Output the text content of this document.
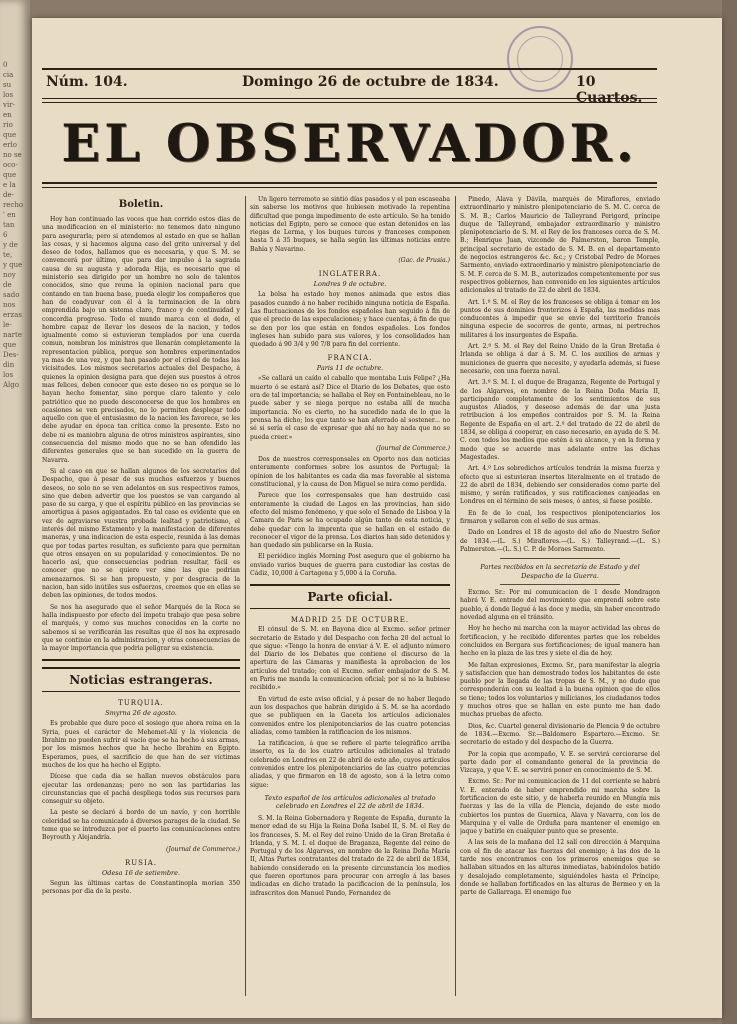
0
cia
su
los
vir-
en
rio
que
erlo
no se
oco-
que
e la
de-
recho
' en
tan
6
y de
te,
y que
noy
de
sado
nos
erzas
le-
narte
que
Des-
din
los
Algo
Núm. 104.	Domingo 26 de octubre de 1834.	10 Cuartos.
EL OBSERVADOR.
Boletin.

Hoy han continuado las voces que han corrido estos dias de una modificacion en el ministerio: no tenemos dato ninguno para asegurarla; pero si atendemos al estado en que se hallan las cosas, y si hacemos alguna caso del grito universal y del deseo de todos, hallamos que es necesaria, y que S. M. se convencerá por último, que para dar impulso á la sagrada causa de su augusta y adorada Hija, es necesario que el ministerio sea dirigido por un hombre no solo de talentos conocidos, sino que reuna la opinion nacional para que contando en tan buena base, pueda elegir los compañeros que han de coadyuvar con él á la terminacion de la obra emprendida bajo un sistema claro, franco y de continuidad y concordia progreso. Todo el mundo marca con el dedo, el hombre capaz de llevar los deseos de la nacion, y todos igualmente como si estuvieran templados por una cuerda comun, nombran los ministros que llenarán completamente la representacion pública, porque son hombres experimentados ya mas de una vez, y que han pasado por el crisol de todas las vicisitudes. Los mismos secretarios actuales del Despacho, á quienes la opinion designa para que dejen sus puestos á otros mas felices, deben conocer que este deseo no es porque se lo hayan hecho fomentar, sino porque claro talento y celo patriótico que no puede desconocerse de que los hombres en ocasiones se ven precisados, no lo permiten desplegar todo aquello con que el entusiasmo de la nacion les favorece, se les debe ayudar en época tan crítica como la presente. Esto no debe ni es maniobra alguna de otros ministros aspirantes, sino consecuencia del mismo modo que no se han ofendido las diferentes generales que se han sucedido en la guerra de Navarra.

Si al caso en que se hallan algunos de los secretarios del Despacho, que á pesar de sus muchos esfuerzos y buenos deseos, no solo no se ven adelantos en sus respectivos ramos, sino que deben advertir que los puestos se van cargando al paso de su carga, y que el espíritu público en las provincias se amortigua á pasos agigantados. En tal caso es evidente que en vez de agraviarse vuestra probada lealtad y patriotismo, el interés del mismo Estamento y la manifestacion de diferentes maneras, y una indicacion de esta especie, reunida á las demas que por todas partes resultan, es suficiente para que permitan que otros ensayen en su popularidad y conocimientos. De no hacerlo así, que consecuencias podrian resultar, fácil es conocer que no se quiere ver sino las que podrian amenazarnos. Si se han propuesto, y por desgracia de la nacion, han sido inútiles sus esfuerzos, creemos que en ellas se deben las opiniones, de todos modos.

Se nos ha asegurado que el señor Marqués de la Roca se halla indispuesto por efecto del ímpetu trabajo que pesa sobre el marqués, y como sus muchos conocidos en la corte no sabemos si se verificarán las resultas que él nos ha expresado que se continúe en la administracion, y otras consecuencias de la mayor importancia que podria peligrar su existencia.

Noticias estrangeras.
TURQUIA.
Smyrna 26 de agosto.

Es probable que dure poco el sosiego que ahora reina en la Syria, pues el carácter de Mehemet-Alí y la violencia de Ibrahim no pueden sufrir el vacío que se ha hecho á sus armas, por los mismos hechos que ha hecho Ibrahim en Egipto. Esperamos, pues, el sacrificio de que han de ser víctimas muchos de los que ha hecho el Egipto.

Dícese que cada dia se hallan nuevos obstáculos para ejecutar las ordenanzas; pero no son las partidarias las circunstancias que el pachá despliega todos sus recursos para conseguir su objeto.

La peste se declaró á bordo de un navío, y con horrible celeridad se ha comunicado á diversos parages de la ciudad. Se teme que se introduzca por el puerto las comunicaciones entre Beyrouth y Alejandría.

(Journal de Commerce.)
RUSIA.
Odesa 16 de setiembre.

Segun las últimas cartas de Constantinopla morian 350 personas por dia de la peste.

Un ligero terremoto se sintió días pasados y el pan escaseaba sin saberse los motivos que hubiesen motivado la repentina dificultad que ponga impedimento de este artículo. Se ha tenido noticias del Egipto, pero se conoce que estan detenidos en las riegas de Lerma, y los buques turcos y franceses componen hasta 5 á 35 buques, se halla según las últimas noticias entre Bahía y Navarino.

(Gac. de Prusia.)
INGLATERRA.
Londres 9 de octubre.

La bolsa ha estado hoy menos animada que estos dias pasados cuando á no haber recibido ninguna noticia de España. Las fluctuaciones de los fondos españoles han seguido á fin de que el precio de las especulaciones; y hace cuentas, á fin de que se den por los que están en fondos españoles. Los fondos ingleses han subido para sus valores, y los consolidados han quedado á 90 3/4 y 90 7/8 para fin del corriente.

FRANCIA.
Paris 11 de octubre.

«Se callará un caído el caballo que montaba Luis Felipe? ¿Ha muerto ó se estará así? Dice el Diario de los Debates, que esto era de tal importancia; se hallaba el Rey en Fontainebleau, no le puede saber y se niega porque no estaba allí de mucha importancia. No es cierto, no ha sucedido nada de lo que la prensa ha dicho; los que tanto se han aferrado al sostener... no sé si sería el caso de expresar que ahí no hay nada que no se pueda creer.»

(Journal de Commerce.)

Dos de nuestros corresponsales en Oporto nos dan noticias enteramente conformes sobre los asuntos de Portugal; la opinion de los habitantes es cada dia mas favorable al sistema constitucional, y la causa de Don Miguel se mira como perdida.

Parece que los corresponsales que han destruido casi enteramente la ciudad de Lagos en las provincias, han sido efecto del mismo fenómeno, y que solo el Senado de Lisboa y la Camara de Paris se ha ocupado algún tanto de esta noticia, y debe quedar con la imprenta que se hallan en el estado de reconocer el vigor de la prensa. Los diarios han sido detenidos y han quedado sin publicarse en la Rusia.

El periódico inglés Morning Post asegura que el gobierno ha enviado varios buques de guerra para custodiar las costas de Cádiz, 10,000 á Cartagena y 5,000 á la Coruña.

Parte oficial.
MADRID 25 DE OCTUBRE.

El cónsul de S. M. en Bayona dice al Excmo. señor primer secretario de Estado y del Despacho con fecha 20 del actual lo que sigue: «Tengo la honra de enviar á V. E. el adjunto número del Diario de los Debates que contiene el discurso de la apertura de las Cámaras y manifiesta la aprobacion de los artículos del tratado; con el Excmo. señor embajador de S. M. en Paris me manda la comunicacion oficial; por si no la hubiese recibido.»

En virtud de este aviso oficial, y á pesar de no haber llegado aun los despachos que habrán dirigido á S. M. se ha acordado que se publiquen en la Gaceta los artículos adicionales convenidos entre los plenipotenciarios de las cuatro potencias aliadas, como tambien la ratificacion de los mismos.

La ratificacion, á que se refiere el parte telegráfico arriba inserto, es la de los cuatro artículos adicionales al tratado celebrado en Londres en 22 de abril de este año, cuyos artículos convenidos entre los plenipotenciarios de las cuatro potencias aliadas, y que firmaron en 18 de agosto, son á la letra como sigue:

Texto español de los artículos adicionales al tratado celebrado en Londres el 22 de abril de 1834.

S. M. la Reina Gobernadora y Regente de España, durante la menor edad de su Hija la Reina Doña Isabel II, S. M. el Rey de los franceses, S. M. el Rey del reino Unido de la Gran Bretaña é Irlanda, y S. M. I. el duque de Braganza, Regente del reino de Portugal y de los Algarves, en nombre de la Reina Doña María II, Altas Partes contratantes del tratado de 22 de abril de 1834, habiendo considerado en la presente circunstancia los medios que fueren oportunos para procurar con arreglo á las bases indicadas en dicho tratado la pacificacion de la península, los infrascritos don Manuel Pando, Fernandez de

Pinedo, Alava y Dávila, marqués de Miraflores, enviado extraordinario y ministro plenipotenciario de S. M. C. cerca de S. M. B.; Carlos Mauricio de Talleyrand Perigord, príncipe duque de Talleyrand, embajador extraordinario y ministro plenipotenciario de S. M. el Rey de los franceses cerca de S. M. B.; Henrique Juan, vizconde de Palmerston, baron Temple, principal secretario de estado de S. M. B. en el departamento de negocios estrangeros &c. &c.; y Cristobal Pedro de Moraes Sarmento, enviado extraordinario y ministro plenipotenciario de S. M. F. cerca de S. M. B., autorizados competentemente por sus respectivos gobiernos, han convenido en los siguientes artículos adicionales al tratado de 22 de abril de 1834.

Art. 1.º S. M. el Rey de los franceses se obliga á tomar en los puntos de sus dominios fronterizos á España, las medidas mas conducentes á impedir que se envíe del territorio francés ninguna especie de socorros de gente, armas, ni pertrechos militares á los insurgentes de España.

Art. 2.º S. M. el Rey del Reino Unido de la Gran Bretaña é Irlanda se obliga á dar á S. M. C. los auxilios de armas y municiones de guerra que necesite, y ayudarla además, si fuese necesario, con una fuerza naval.

Art. 3.º S. M. I. el duque de Braganza, Regente de Portugal y de los Algarves, en nombre de la Reina Doña María II, participando completamente de los sentimientos de sus augustos Aliados, y deseoso además de dar una justa retribucion á los empeños contraidos por S. M. la Reina Regente de España en el art. 2.º del tratado de 22 de abril de 1834, se obliga á cooperar, en caso necesario, en ayuda de S. M. C. con todos los medios que estén á su alcance, y en la forma y modo que se acuerde mas adelante entre las dichas Magestades.

Art. 4.º Los sobredichos artículos tendrán la misma fuerza y efecto que si estuvieran insertos literalmente en el tratado de 22 de abril de 1834, debiendo ser considerados como parte del mismo, y serán ratificados, y sus ratificaciones canjeadas en Londres en el término de seis meses, ó antes, si fuese posible.

En fe de lo cual, los respectivos plenipotenciarios los firmaron y sellaron con el sello de sus armas.

Dado en Londres el 18 de agosto del año de Nuestro Señor de 1834.—(L. S.) Miraflores.—(L. S.) Talleyrand.—(L. S.) Palmerston.—(L. S.) C. P. de Moraes Sarmento.

Partes recibidos en la secretaría de Estado y del Despacho de la Guerra.

Excmo. Sr.: Por mi comunicacion de 1 desde Mondragon habrá V. E. entrado del movimiento que emprendí sobre este pueblo, á donde llegué á las doce y media, sin haber encontrado novedad alguna en el tránsito.

Hoy he hecho mi marcha con la mayor actividad las obras de fortificacion, y he recibido diferentes partes que los rebeldes concluidos en Bergara sus fortificaciones; de igual manera han hecho en la plaza de las tres y siete el dia de hoy.

Me faltan expresiones, Excmo. Sr., para manifestar la alegría y satisfaccion que han demostrado todos los habitantes de este pueblo por la llegada de las tropas de S. M., y no dudo que corresponderán con su lealtad á la buena opinion que de ellos se tiene; todos los voluntarios y milicianos, los ciudadanos todos y muchos otros que se hallan en este punto me han dado muchas pruebas de afecto.

Dios, &c. Cuartel general divisionario de Plencia 9 de octubre de 1834.—Excmo. Sr.—Baldomero Espartero.—Excmo. Sr. secretario de estado y del despacho de la Guerra.

Por la copia que acompaño, V. E. se servirá cerciorarse del parte dado por el comandante general de la provincia de Vizcaya, y que V. E. se servirá poner en conocimiento de S. M.

Excmo. Sr.: Por mi comunicacion de 11 del corriente se habrá V. E. enterado de haber emprendido mi marcha sobre la fortificacion de este sitio, y de haberla reunido en Mungía mis fuerzas y las de la villa de Plencia, dejando de este modo cubiertos los puntos de Guernica, Alava y Navarra, con los de Marquina y el valle de Orduña para mantener el enemigo en jaque y batirle en cualquier punto que se presente.

A las seis de la mañana del 12 salí con dirección á Marquina con el fin de atacar las fuerzas del enemigo; á las dos de la tarde nos encontramos con los primeros enemigos que se hallaban situados en las alturas inmediatas, habiéndolos batido y desalojado completamente, siguiéndoles hasta el Príncipe, donde se hallaban fortificados en las alturas de Bermeo y en la parte de Gallarraga. El enemigo fue
